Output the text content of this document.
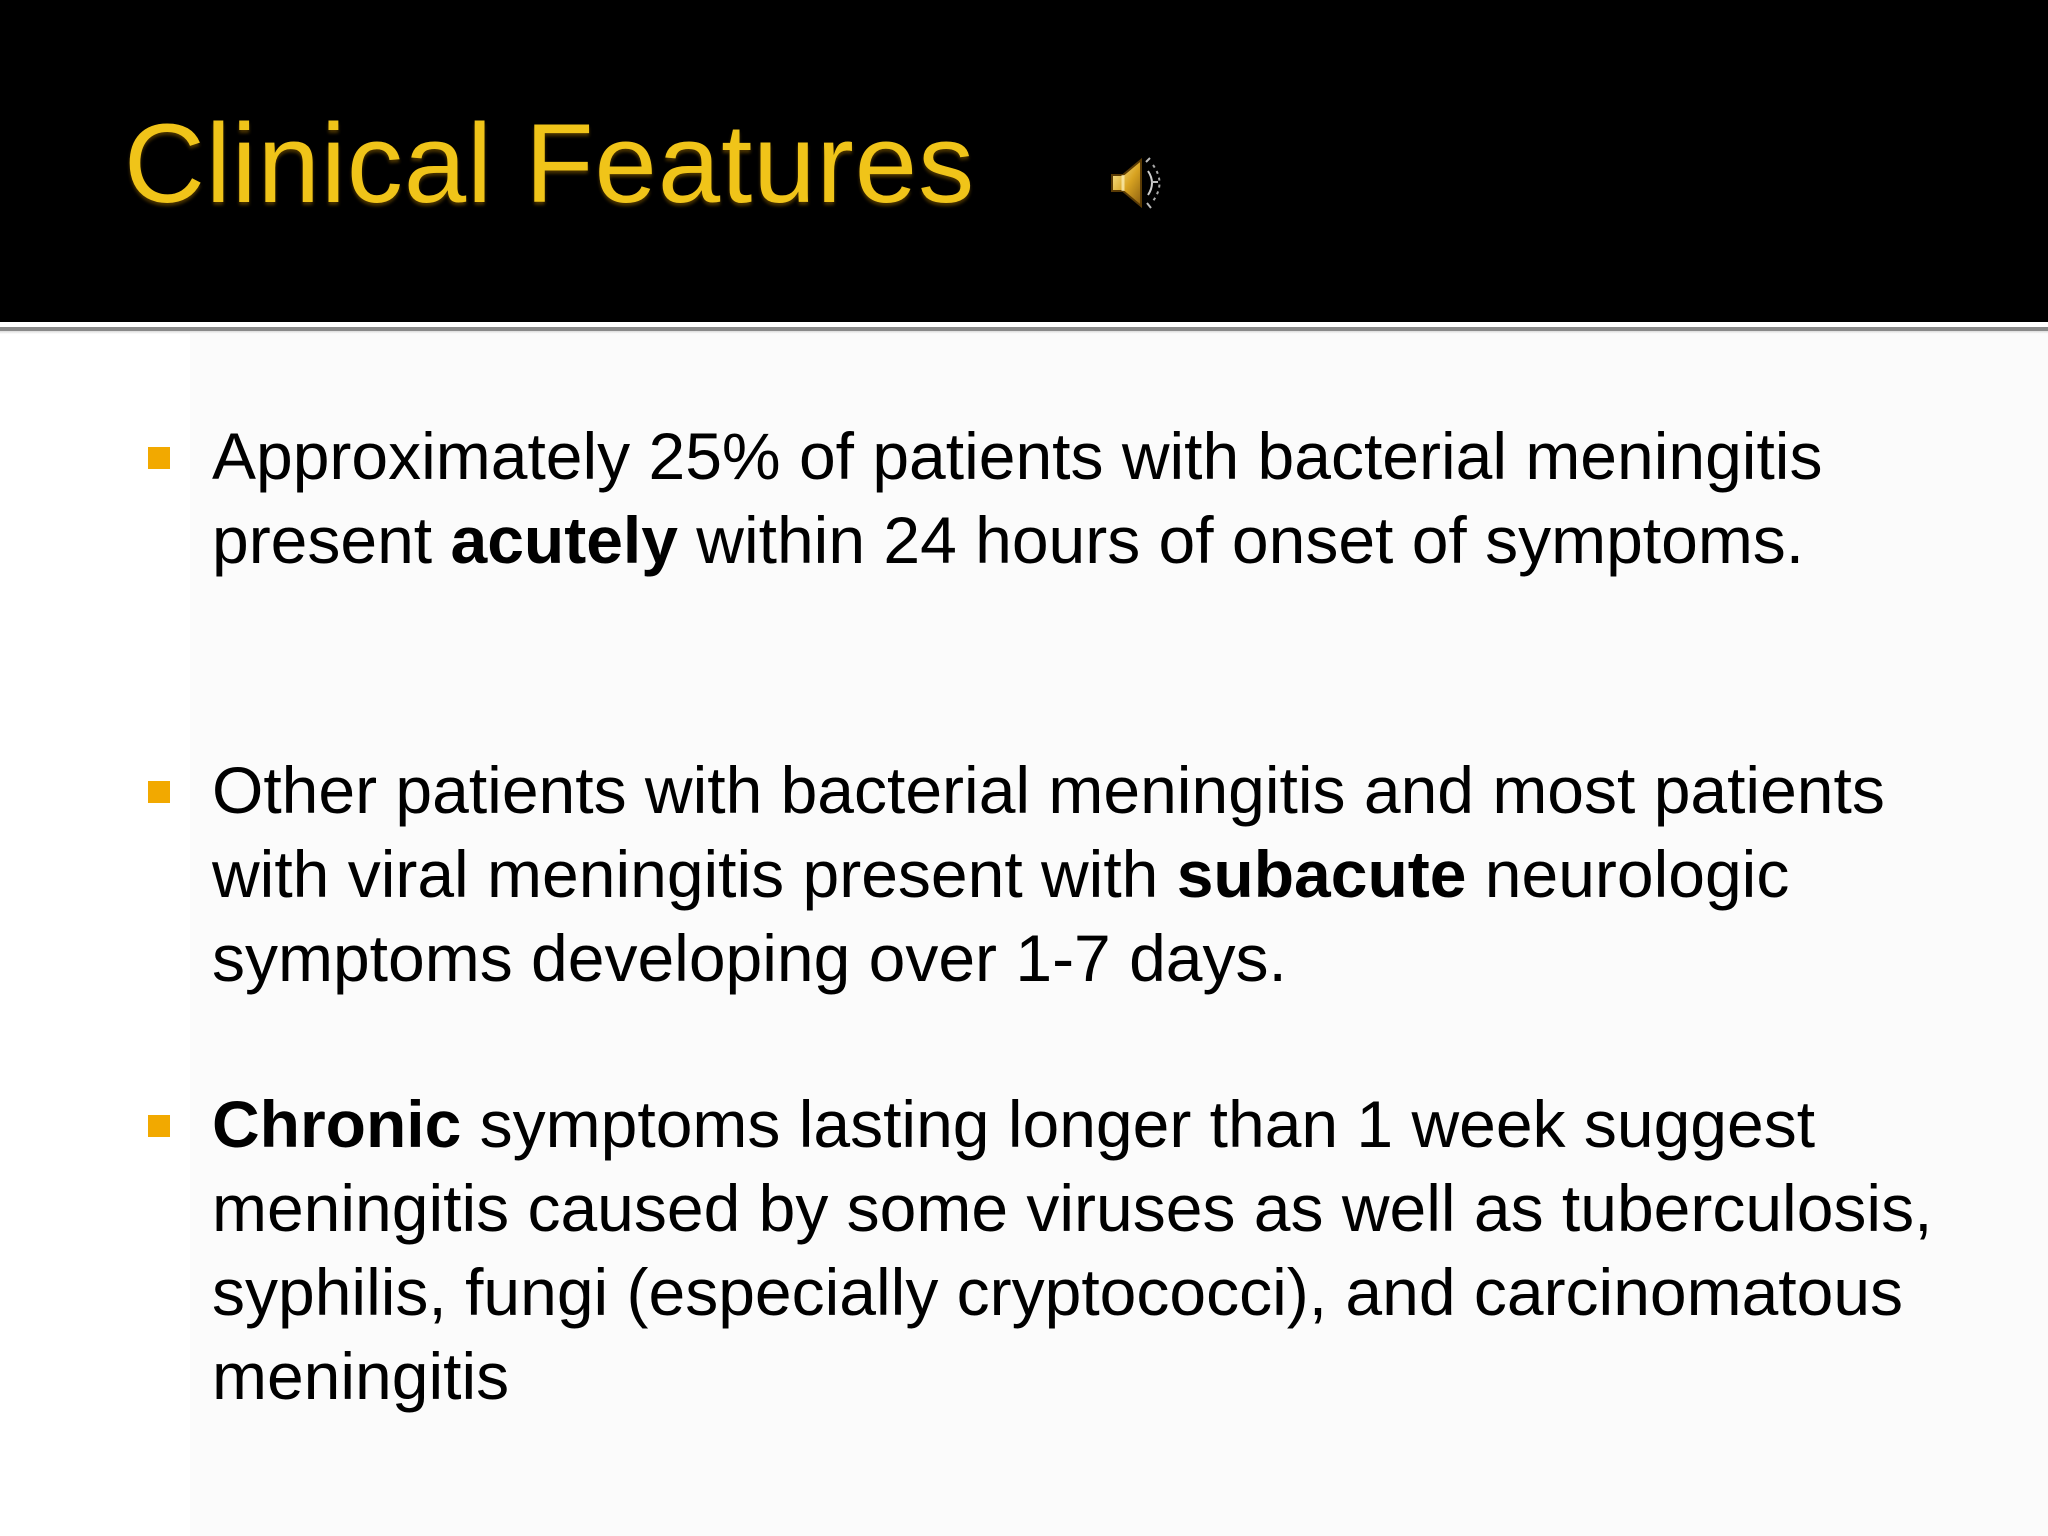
Clinical Features

Approximately 25% of patients with bacterial meningitis present acutely within 24 hours of onset of symptoms.

Other patients with bacterial meningitis and most patients with viral meningitis present with subacute neurologic symptoms developing over 1-7 days.

Chronic symptoms lasting longer than 1 week suggest meningitis caused by some viruses as well as tuberculosis, syphilis, fungi (especially cryptococci), and carcinomatous meningitis
